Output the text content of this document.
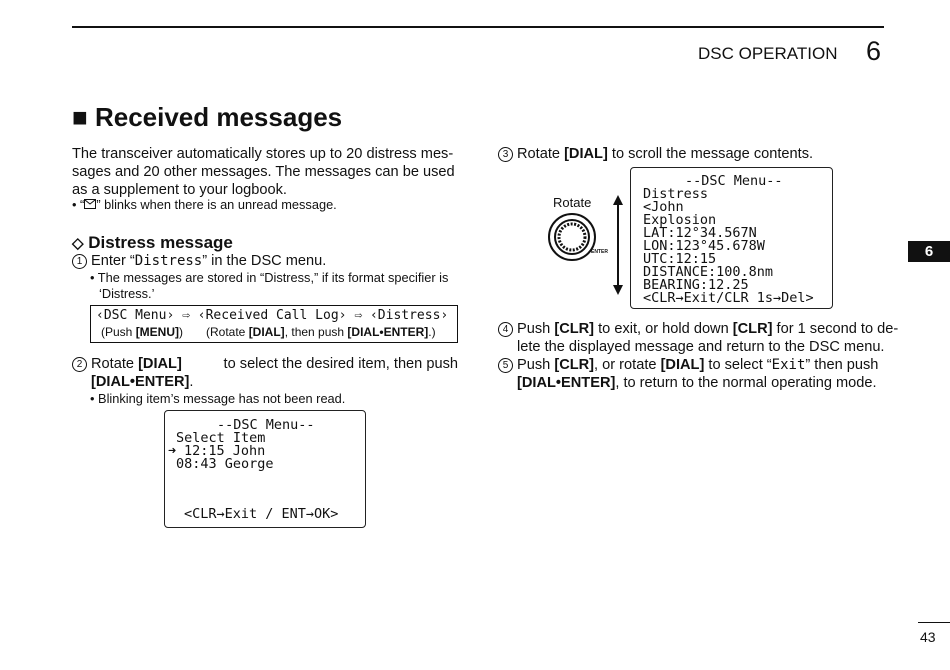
DSC OPERATION 6
6
■ Received messages
The transceiver automatically stores up to 20 distress mes-
sages and 20 other messages. The messages can be used
as a supplement to your logbook.
• “ ” blinks when there is an unread message.
◇ Distress message
1 Enter “Distress” in the DSC menu.
• The messages are stored in “Distress,” if its format specifier is
‘Distress.’
‹DSC Menu› ⇨ ‹Received Call Log› ⇨ ‹Distress›
(Push [MENU]) (Rotate [DIAL], then push [DIAL•ENTER].)
2 Rotate [DIAL]	to select the desired item, then push
[DIAL•ENTER].
• Blinking item’s message has not been read.
--DSC Menu--
Select Item
➜ 12:15 John
08:43 George
<CLR→Exit / ENT→OK>
3 Rotate [DIAL] to scroll the message contents.
Rotate
ENTER
--DSC Menu--
Distress
<John
Explosion
LAT:12°34.567N
LON:123°45.678W
UTC:12:15
DISTANCE:100.8nm
BEARING:12.25
<CLR→Exit/CLR 1s→Del>
4 Push [CLR] to exit, or hold down [CLR] for 1 second to de-
lete the displayed message and return to the DSC menu.
5 Push [CLR], or rotate [DIAL] to select “Exit” then push
[DIAL•ENTER], to return to the normal operating mode.
43
